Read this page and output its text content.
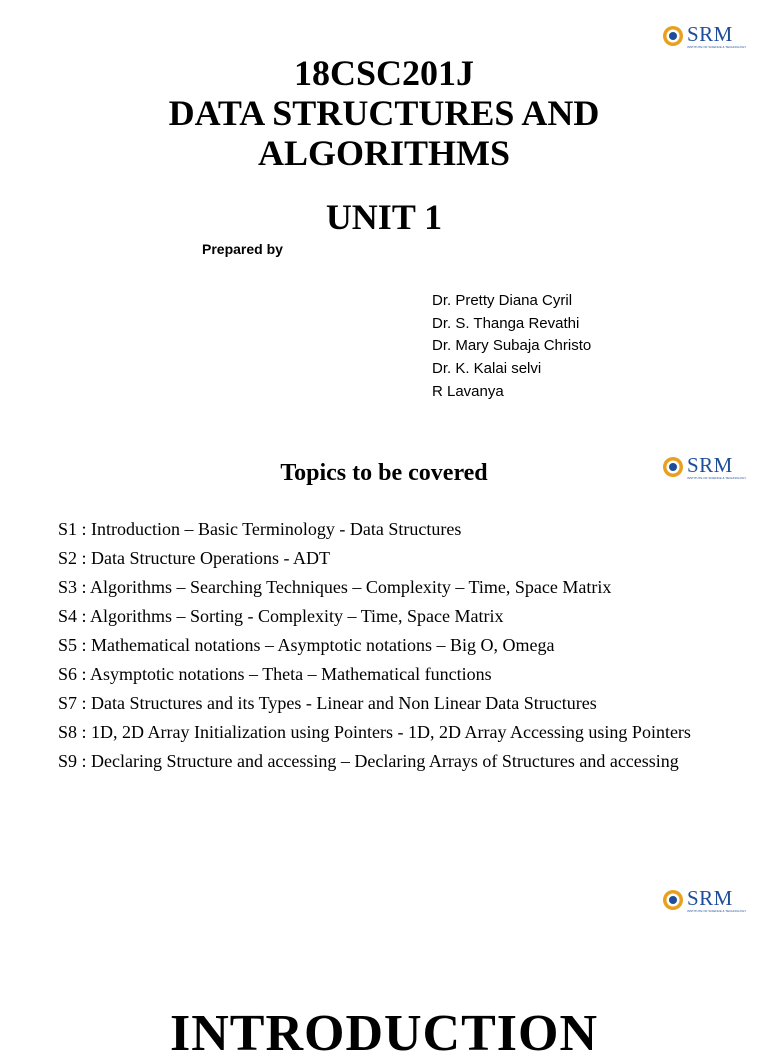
SRM
INSTITUTE OF SCIENCE & TECHNOLOGY
18CSC201J
DATA STRUCTURES AND
ALGORITHMS
UNIT 1
Prepared by
Dr. Pretty Diana Cyril
Dr. S. Thanga Revathi
Dr. Mary Subaja Christo
Dr. K. Kalai selvi
R Lavanya
SRM
INSTITUTE OF SCIENCE & TECHNOLOGY
Topics to be covered
S1 : Introduction – Basic Terminology - Data Structures
S2 : Data Structure Operations - ADT
S3 : Algorithms – Searching Techniques – Complexity – Time, Space Matrix
S4 : Algorithms – Sorting - Complexity – Time, Space Matrix
S5 : Mathematical notations – Asymptotic notations – Big O, Omega
S6 : Asymptotic notations – Theta – Mathematical functions
S7 : Data Structures and its Types - Linear and Non Linear Data Structures
S8 : 1D, 2D Array Initialization using Pointers - 1D, 2D Array Accessing using Pointers
S9 : Declaring Structure and accessing – Declaring Arrays of Structures and accessing
SRM
INSTITUTE OF SCIENCE & TECHNOLOGY
INTRODUCTION
